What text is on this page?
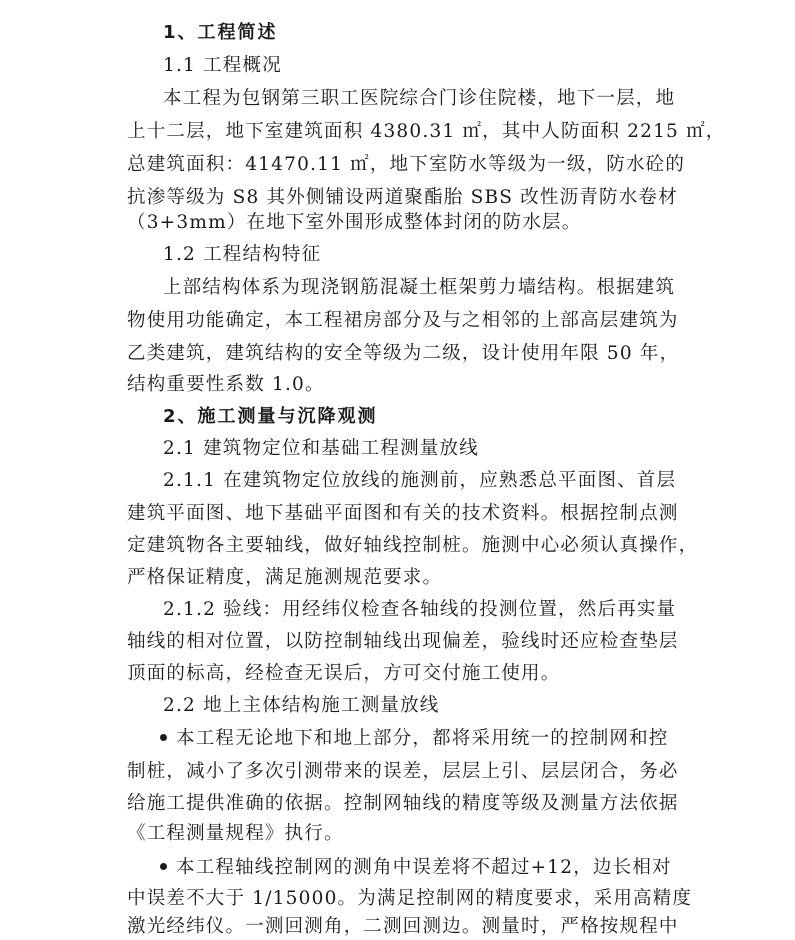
1、工程简述
1.1 工程概况
本工程为包钢第三职工医院综合门诊住院楼，地下一层，地
上十二层，地下室建筑面积 4380.31 ㎡，其中人防面积 2215 ㎡，
总建筑面积：41470.11 ㎡，地下室防水等级为一级，防水砼的
抗渗等级为 S8 其外侧铺设两道聚酯胎 SBS 改性沥青防水卷材
（3+3mm）在地下室外围形成整体封闭的防水层。
1.2 工程结构特征
上部结构体系为现浇钢筋混凝土框架剪力墙结构。根据建筑
物使用功能确定，本工程裙房部分及与之相邻的上部高层建筑为
乙类建筑，建筑结构的安全等级为二级，设计使用年限 50 年，
结构重要性系数 1.0。
2、施工测量与沉降观测
2.1 建筑物定位和基础工程测量放线
2.1.1 在建筑物定位放线的施测前，应熟悉总平面图、首层
建筑平面图、地下基础平面图和有关的技术资料。根据控制点测
定建筑物各主要轴线，做好轴线控制桩。施测中心必须认真操作，
严格保证精度，满足施测规范要求。
2.1.2 验线：用经纬仪检查各轴线的投测位置，然后再实量
轴线的相对位置，以防控制轴线出现偏差，验线时还应检查垫层
顶面的标高，经检查无误后，方可交付施工使用。
2.2 地上主体结构施工测量放线
本工程无论地下和地上部分，都将采用统一的控制网和控
制桩，减小了多次引测带来的误差，层层上引、层层闭合，务必
给施工提供准确的依据。控制网轴线的精度等级及测量方法依据
《工程测量规程》执行。
本工程轴线控制网的测角中误差将不超过+12，边长相对
中误差不大于 1/15000。为满足控制网的精度要求，采用高精度
激光经纬仪。一测回测角，二测回测边。测量时，严格按规程中
